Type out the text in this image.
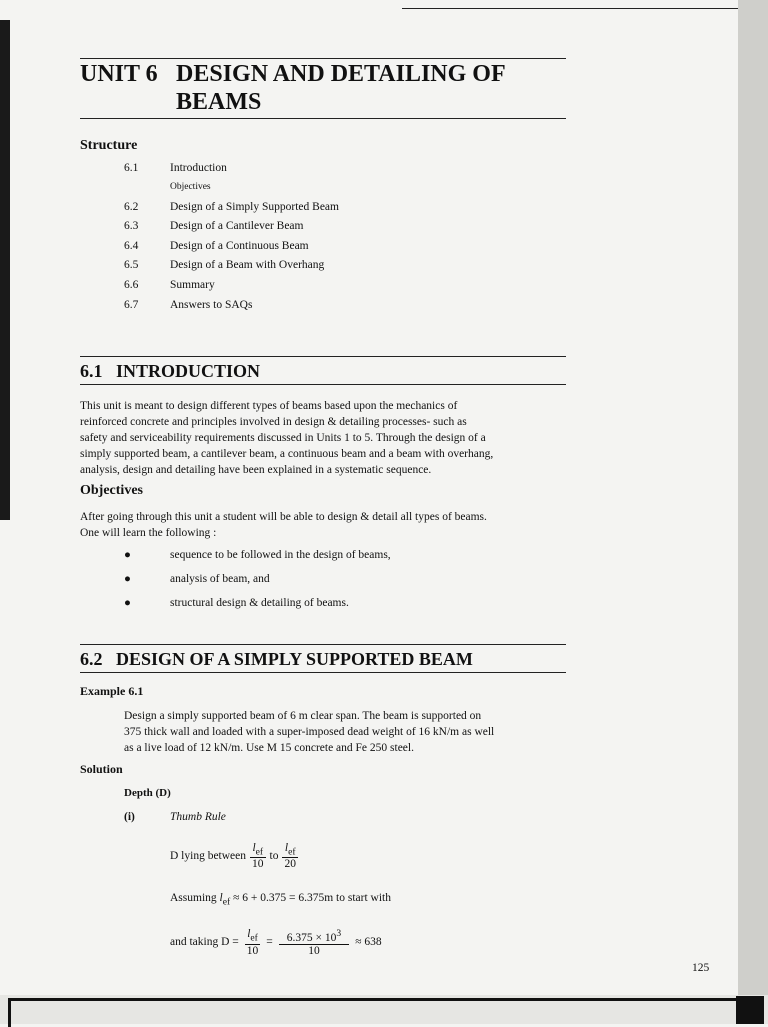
UNIT 6 DESIGN AND DETAILING OF
BEAMS
Structure
6.1	Introduction
Objectives
6.2	Design of a Simply Supported Beam
6.3	Design of a Cantilever Beam
6.4	Design of a Continuous Beam
6.5	Design of a Beam with Overhang
6.6	Summary
6.7	Answers to SAQs
6.1   INTRODUCTION
This unit is meant to design different types of beams based upon the mechanics of
reinforced concrete and principles involved in design & detailing processes- such as
safety and serviceability requirements discussed in Units 1 to 5. Through the design of a
simply supported beam, a cantilever beam, a continuous beam and a beam with overhang,
analysis, design and detailing have been explained in a systematic sequence.
Objectives
After going through this unit a student will be able to design & detail all types of beams.
One will learn the following :
●	sequence to be followed in the design of beams,
●	analysis of beam, and
●	structural design & detailing of beams.
6.2   DESIGN OF A SIMPLY SUPPORTED BEAM
Example 6.1
Design a simply supported beam of 6 m clear span. The beam is supported on
375 thick wall and loaded with a super-imposed dead weight of 16 kN/m as well
as a live load of 12 kN/m. Use M 15 concrete and Fe 250 steel.
Solution
Depth (D)
(i)	Thumb Rule
D lying between $\frac{l_{ef}}{10}$ to $\frac{l_{ef}}{20}$
Assuming $l_{ef} \approx 6 + 0.375 = 6.375m$ to start with
and taking $D = \frac{l_{ef}}{10} = \frac{6.375 \times 10^3}{10} \approx 638$
125
